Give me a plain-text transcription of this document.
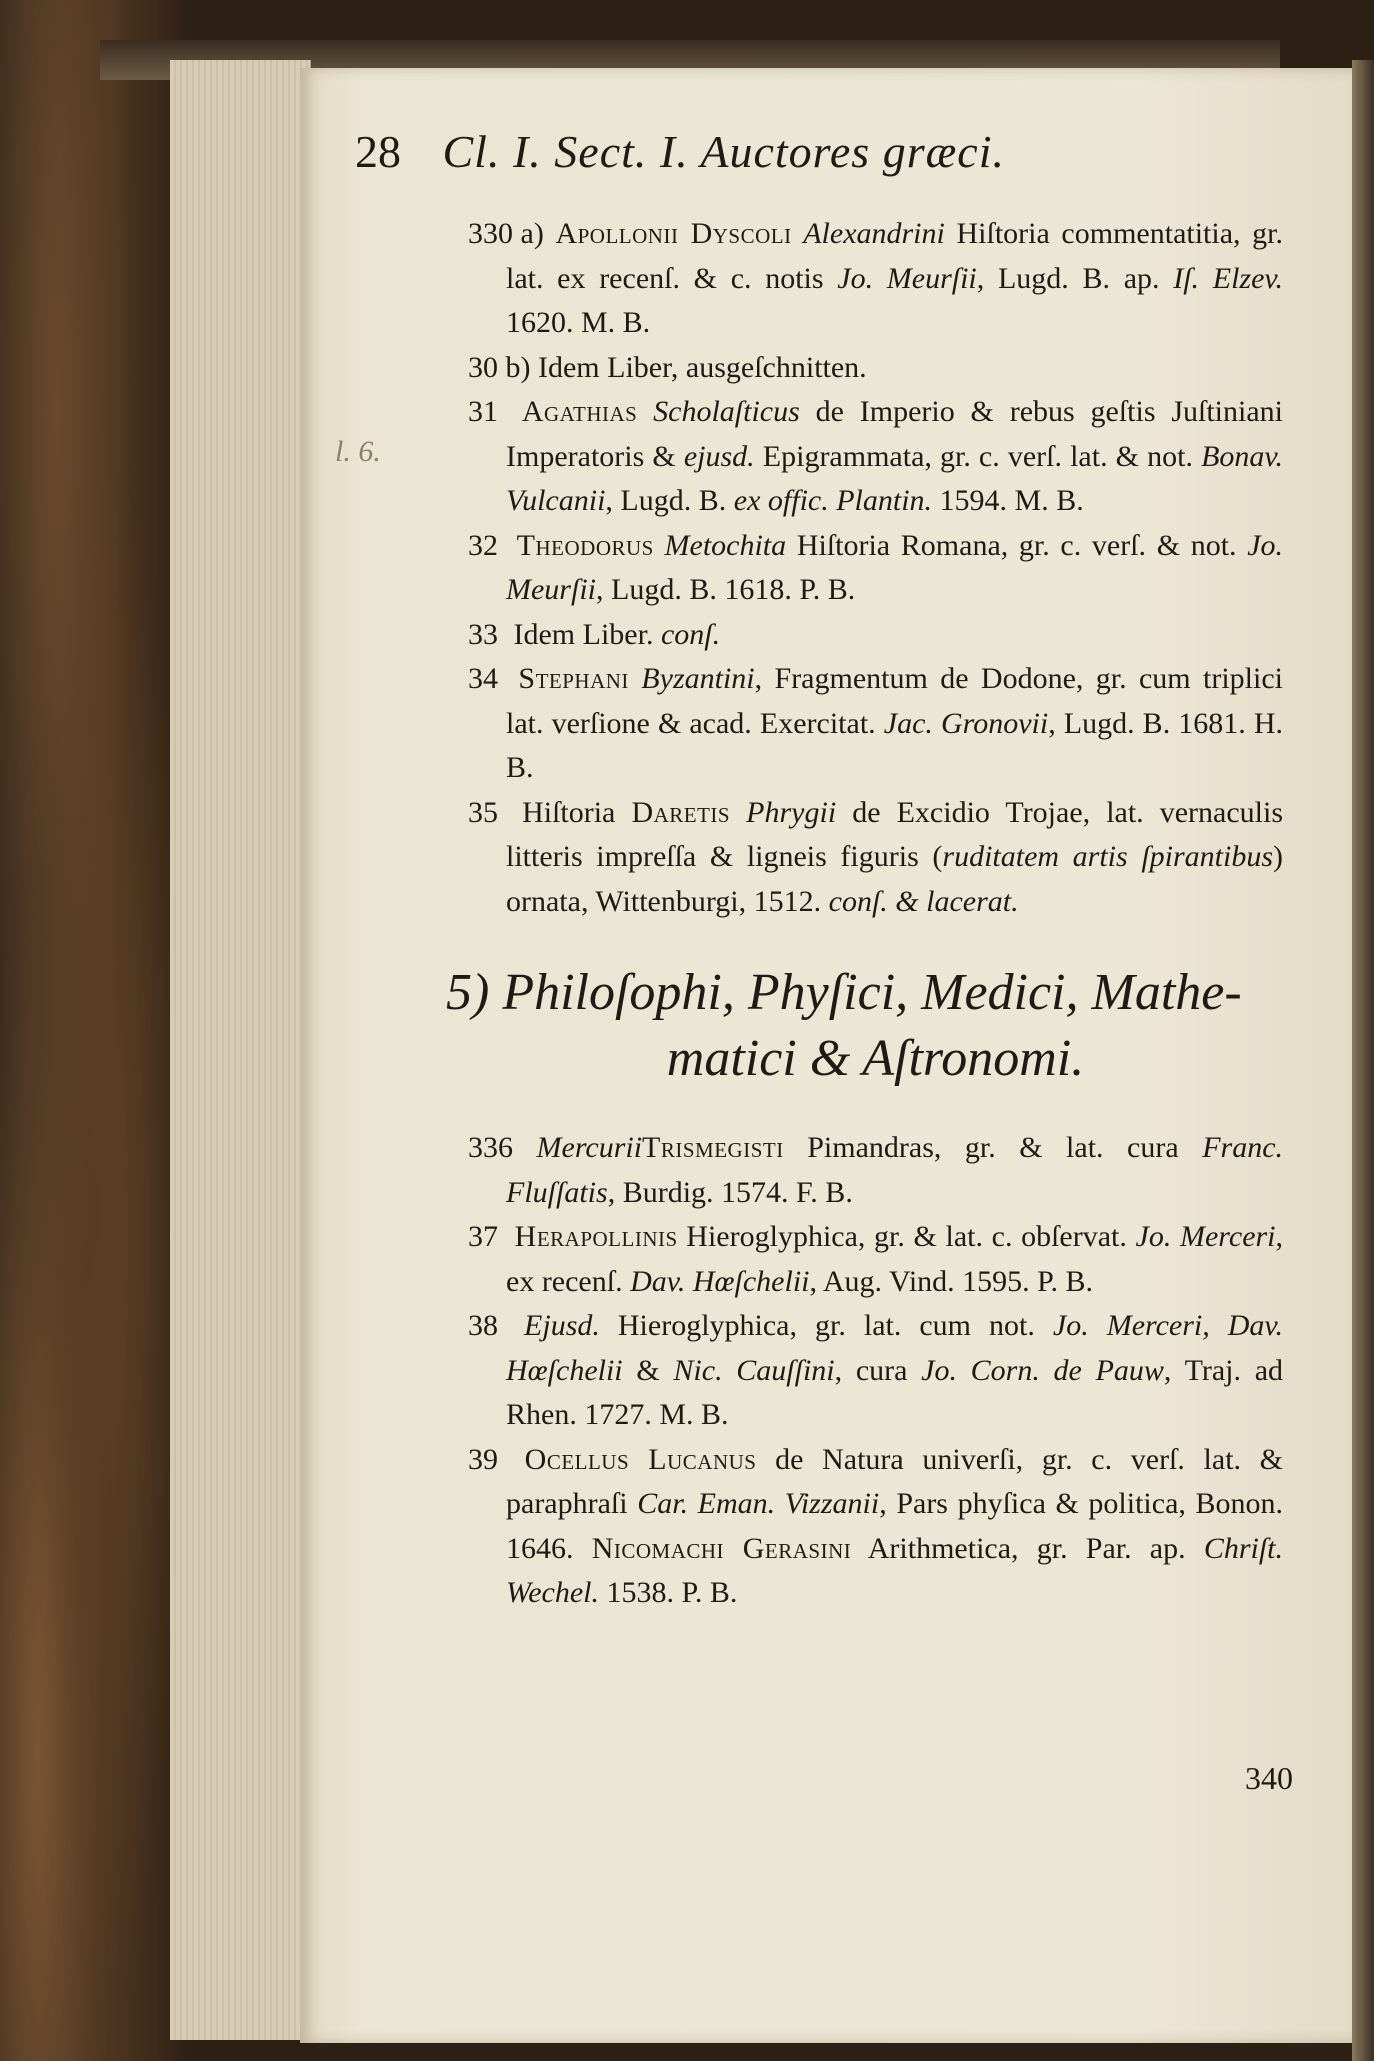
28 Cl. I. Sect. I. Auctores græci.
l. 6.
330 a) Apollonii Dyscoli Alexandrini Hiſtoria commentatitia, gr. lat. ex recenſ. & c. notis Jo. Meurſii, Lugd. B. ap. Iſ. Elzev. 1620. M. B.
30 b) Idem Liber, ausgeſchnitten.
31 Agathias Scholaſticus de Imperio & rebus geſtis Juſtiniani Imperatoris & ejusd. Epigrammata, gr. c. verſ. lat. & not. Bonav. Vulcanii, Lugd. B. ex offic. Plantin. 1594. M. B.
32 Theodorus Metochita Hiſtoria Romana, gr. c. verſ. & not. Jo. Meurſii, Lugd. B. 1618. P. B.
33 Idem Liber. conſ.
34 Stephani Byzantini, Fragmentum de Dodone, gr. cum triplici lat. verſione & acad. Exercitat. Jac. Gronovii, Lugd. B. 1681. H. B.
35 Hiſtoria Daretis Phrygii de Excidio Trojae, lat. vernaculis litteris impreſſa & ligneis figuris (ruditatem artis ſpirantibus) ornata, Wittenburgi, 1512. conſ. & lacerat.
5) Philoſophi, Phyſici, Medici, Mathe-
matici & Aſtronomi.
336 MercuriiTrismegisti Pimandras, gr. & lat. cura Franc. Fluſſatis, Burdig. 1574. F. B.
37 Herapollinis Hieroglyphica, gr. & lat. c. obſervat. Jo. Merceri, ex recenſ. Dav. Hœſchelii, Aug. Vind. 1595. P. B.
38 Ejusd. Hieroglyphica, gr. lat. cum not. Jo. Merceri, Dav. Hœſchelii & Nic. Cauſſini, cura Jo. Corn. de Pauw, Traj. ad Rhen. 1727. M. B.
39 Ocellus Lucanus de Natura univerſi, gr. c. verſ. lat. & paraphraſi Car. Eman. Vizzanii, Pars phyſica & politica, Bonon. 1646. Nicomachi Gerasini Arithmetica, gr. Par. ap. Chriſt. Wechel. 1538. P. B.
340
